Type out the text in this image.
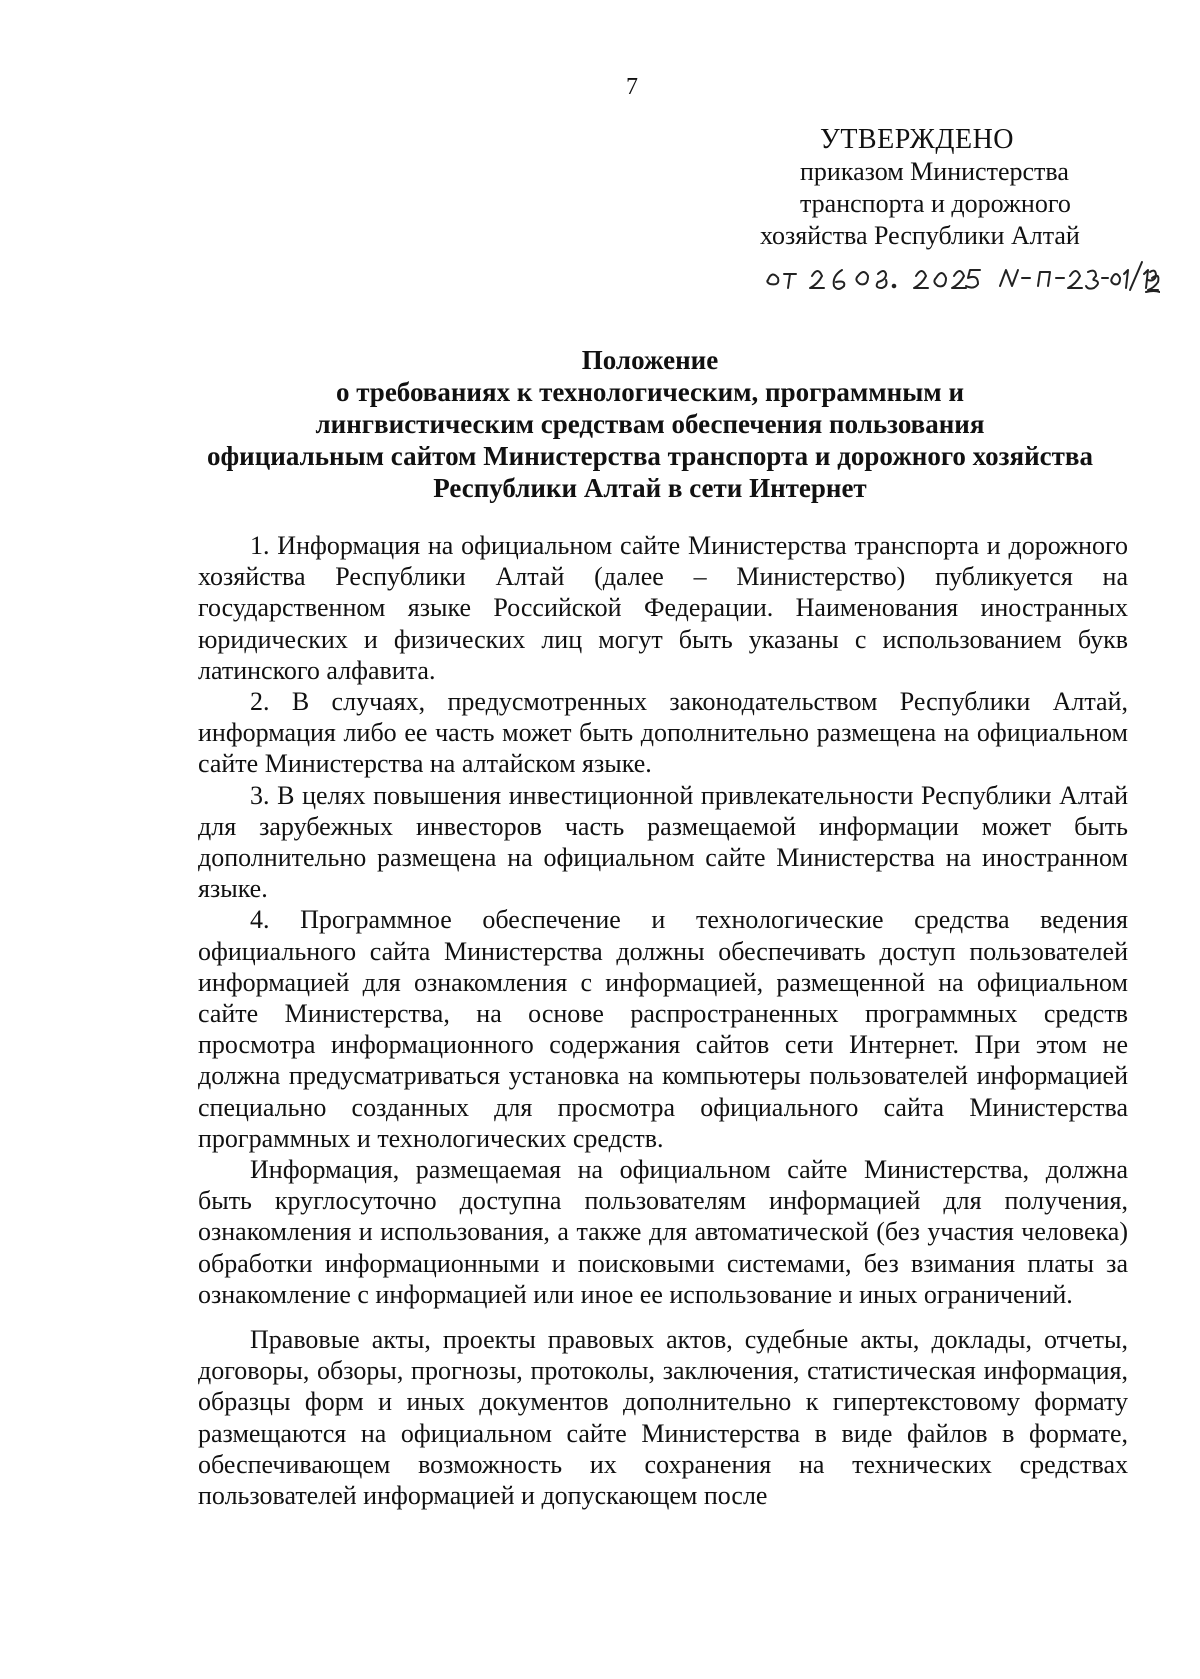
7
УТВЕРЖДЕНО
приказом Министерства
транспорта и дорожного
хозяйства Республики Алтай
Положение
о требованиях к технологическим, программным и
лингвистическим средствам обеспечения пользования
официальным сайтом Министерства транспорта и дорожного хозяйства
Республики Алтай в сети Интернет

1. Информация на официальном сайте Министерства транспорта и дорожного хозяйства Республики Алтай (далее – Министерство) публикуется на государственном языке Российской Федерации. Наименования иностранных юридических и физических лиц могут быть указаны с использованием букв латинского алфавита.

2. В случаях, предусмотренных законодательством Республики Алтай, информация либо ее часть может быть дополнительно размещена на официальном сайте Министерства на алтайском языке.

3. В целях повышения инвестиционной привлекательности Республики Алтай для зарубежных инвесторов часть размещаемой информации может быть дополнительно размещена на официальном сайте Министерства на иностранном языке.

4. Программное обеспечение и технологические средства ведения официального сайта Министерства должны обеспечивать доступ пользователей информацией для ознакомления с информацией, размещенной на официальном сайте Министерства, на основе распространенных программных средств просмотра информационного содержания сайтов сети Интернет. При этом не должна предусматриваться установка на компьютеры пользователей информацией специально созданных для просмотра официального сайта Министерства программных и технологических средств.

Информация, размещаемая на официальном сайте Министерства, должна быть круглосуточно доступна пользователям информацией для получения, ознакомления и использования, а также для автоматической (без участия человека) обработки информационными и поисковыми системами, без взимания платы за ознакомление с информацией или иное ее использование и иных ограничений.

Правовые акты, проекты правовых актов, судебные акты, доклады, отчеты, договоры, обзоры, прогнозы, протоколы, заключения, статистическая информация, образцы форм и иных документов дополнительно к гипертекстовому формату размещаются на официальном сайте Министерства в виде файлов в формате, обеспечивающем возможность их сохранения на технических средствах пользователей информацией и допускающем после
